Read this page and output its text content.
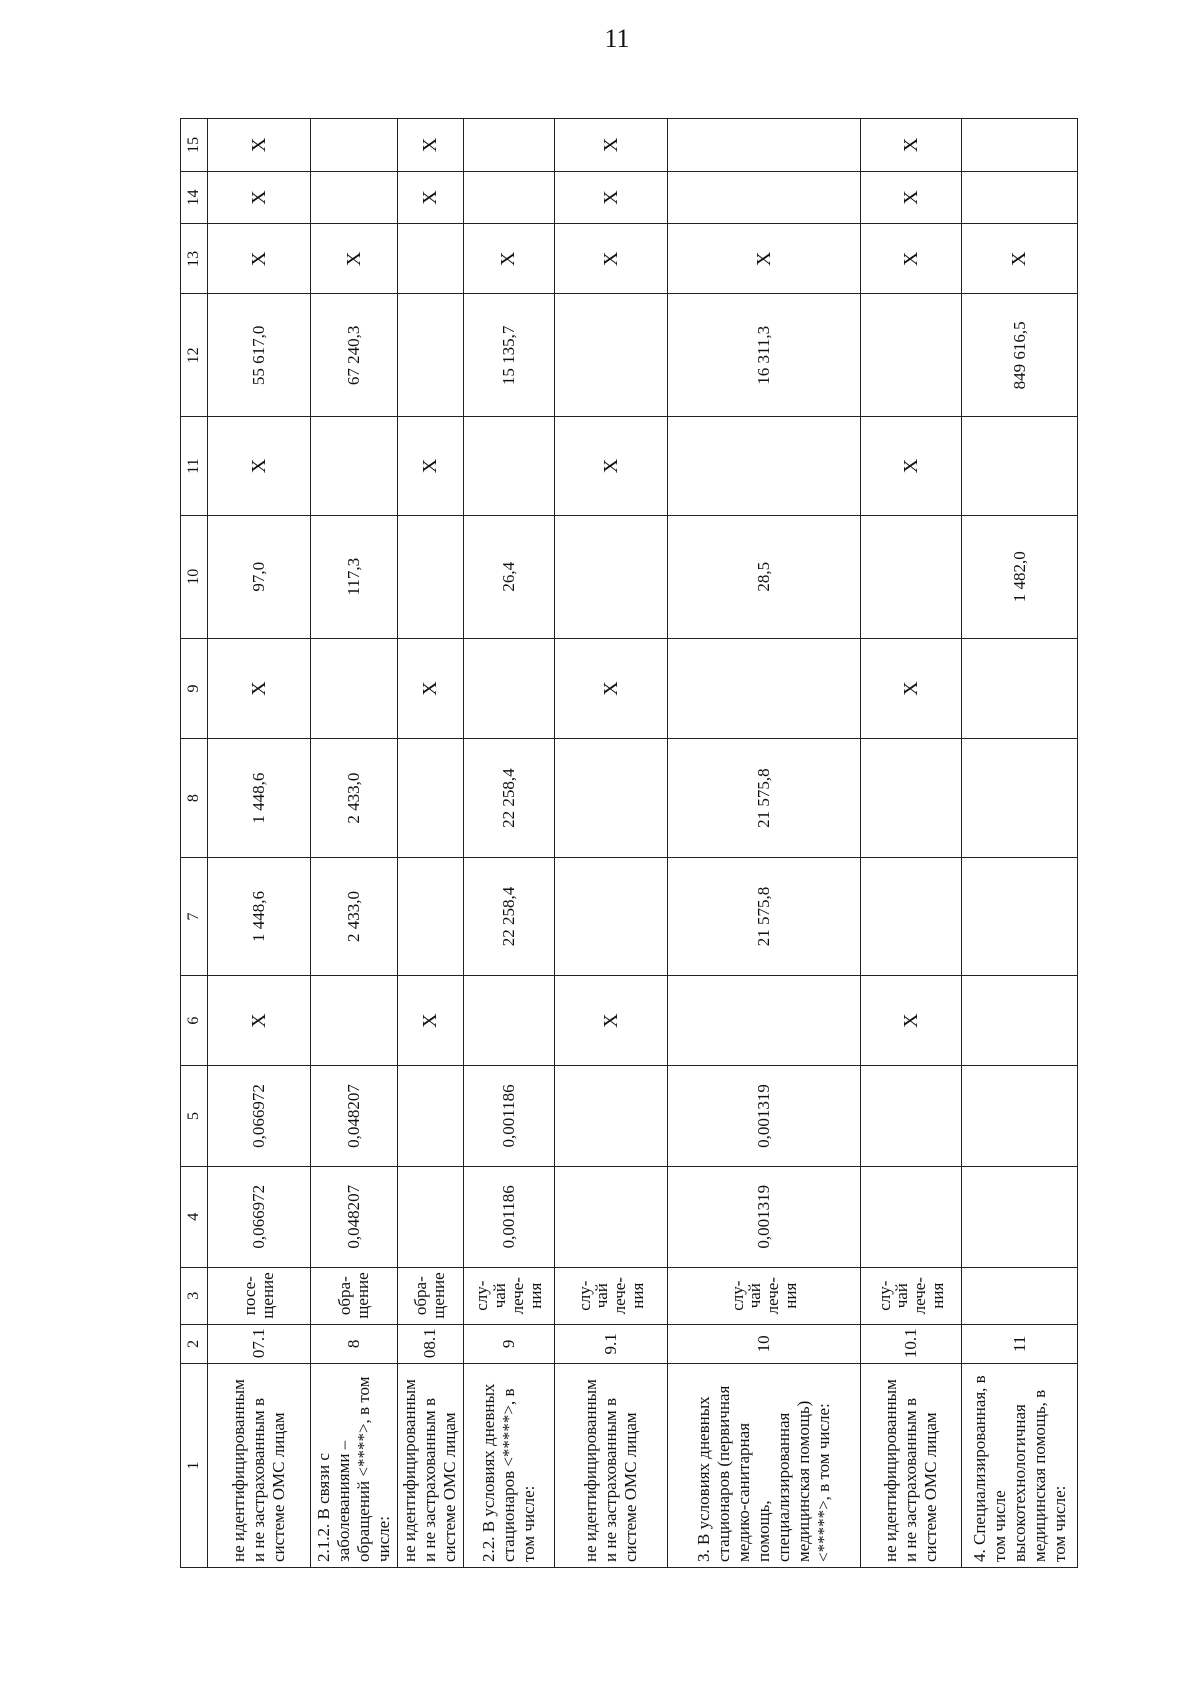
11
1	2	3	4	5	6	7	8	9	10	11	12	13	14	15
не идентифицированным и не застрахованным в системе ОМС лицам	07.1	посе-щение	0,066972	0,066972	X	1 448,6	1 448,6	X	97,0	X	55 617,0	X	X	X
2.1.2. В связи с заболеваниями – обращений <****>, в том числе:	8	обра-щение	0,048207	0,048207		2 433,0	2 433,0		117,3		67 240,3	X		
не идентифицированным и не застрахованным в системе ОМС лицам	08.1	обра-щение			X			X		X			X	X
2.2. В условиях дневных стационаров <*****>, в том числе:	9	слу-чай лече-ния	0,001186	0,001186		22 258,4	22 258,4		26,4		15 135,7	X		
не идентифицированным и не застрахованным в системе ОМС лицам	9.1	слу-чай лече-ния			X			X		X		X	X	X
3. В условиях дневных стационаров (первичная медико-санитарная помощь, специализированная медицинская помощь) <*****>, в том числе:	10	слу-чай лече-ния	0,001319	0,001319		21 575,8	21 575,8		28,5		16 311,3	X		
не идентифицированным и не застрахованным в системе ОМС лицам	10.1	слу-чай лече-ния			X			X		X		X	X	X
4. Специализированная, в том числе высокотехнологичная медицинская помощь, в том числе:	11								1 482,0		849 616,5	X		
